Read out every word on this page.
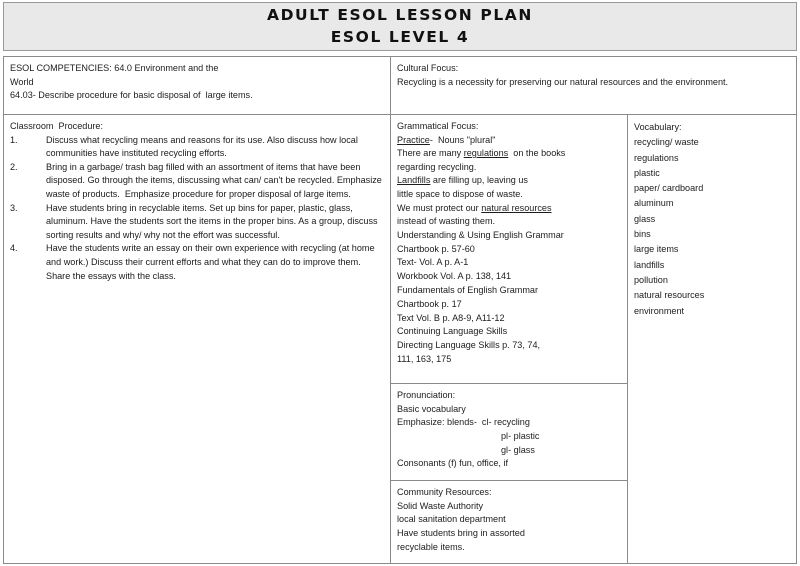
ADULT ESOL LESSON PLAN
ESOL LEVEL 4
ESOL COMPETENCIES: 64.0 Environment and the
World
64.03- Describe procedure for basic disposal of  large items.
Cultural Focus:
Recycling is a necessity for preserving our natural resources and the environment.
Classroom  Procedure:
1.	Discuss what recycling means and reasons for its use. Also discuss how local communities have instituted recycling efforts.
2.	Bring in a garbage/ trash bag filled with an assortment of items that have been disposed. Go through the items, discussing what can/ can't be recycled. Emphasize waste of products.  Emphasize procedure for proper disposal of large items.
3.	Have students bring in recyclable items. Set up bins for paper, plastic, glass, aluminum. Have the students sort the items in the proper bins. As a group, discuss sorting results and why/ why not the effort was successful.
4.	Have the students write an essay on their own experience with recycling (at home and work.) Discuss their current efforts and what they can do to improve them. Share the essays with the class.
Grammatical Focus:
Practice-  Nouns "plural"
There are many regulations  on the books
regarding recycling.
Landfills are filling up, leaving us
little space to dispose of waste.
We must protect our natural resources
instead of wasting them.
Understanding & Using English Grammar
Chartbook p. 57-60
Text- Vol. A p. A-1
Workbook Vol. A p. 138, 141
Fundamentals of English Grammar
Chartbook p. 17
Text Vol. B p. A8-9, A11-12
Continuing Language Skills
Directing Language Skills p. 73, 74,
111, 163, 175
Pronunciation:
Basic vocabulary
Emphasize: blends-  cl- recycling
pl- plastic
gl- glass
Consonants (f) fun, office, if
Community Resources:
Solid Waste Authority
local sanitation department
Have students bring in assorted
recyclable items.
Vocabulary:
recycling/ waste
regulations
plastic
paper/ cardboard
aluminum
glass
bins
large items
landfills
pollution
natural resources
environment
